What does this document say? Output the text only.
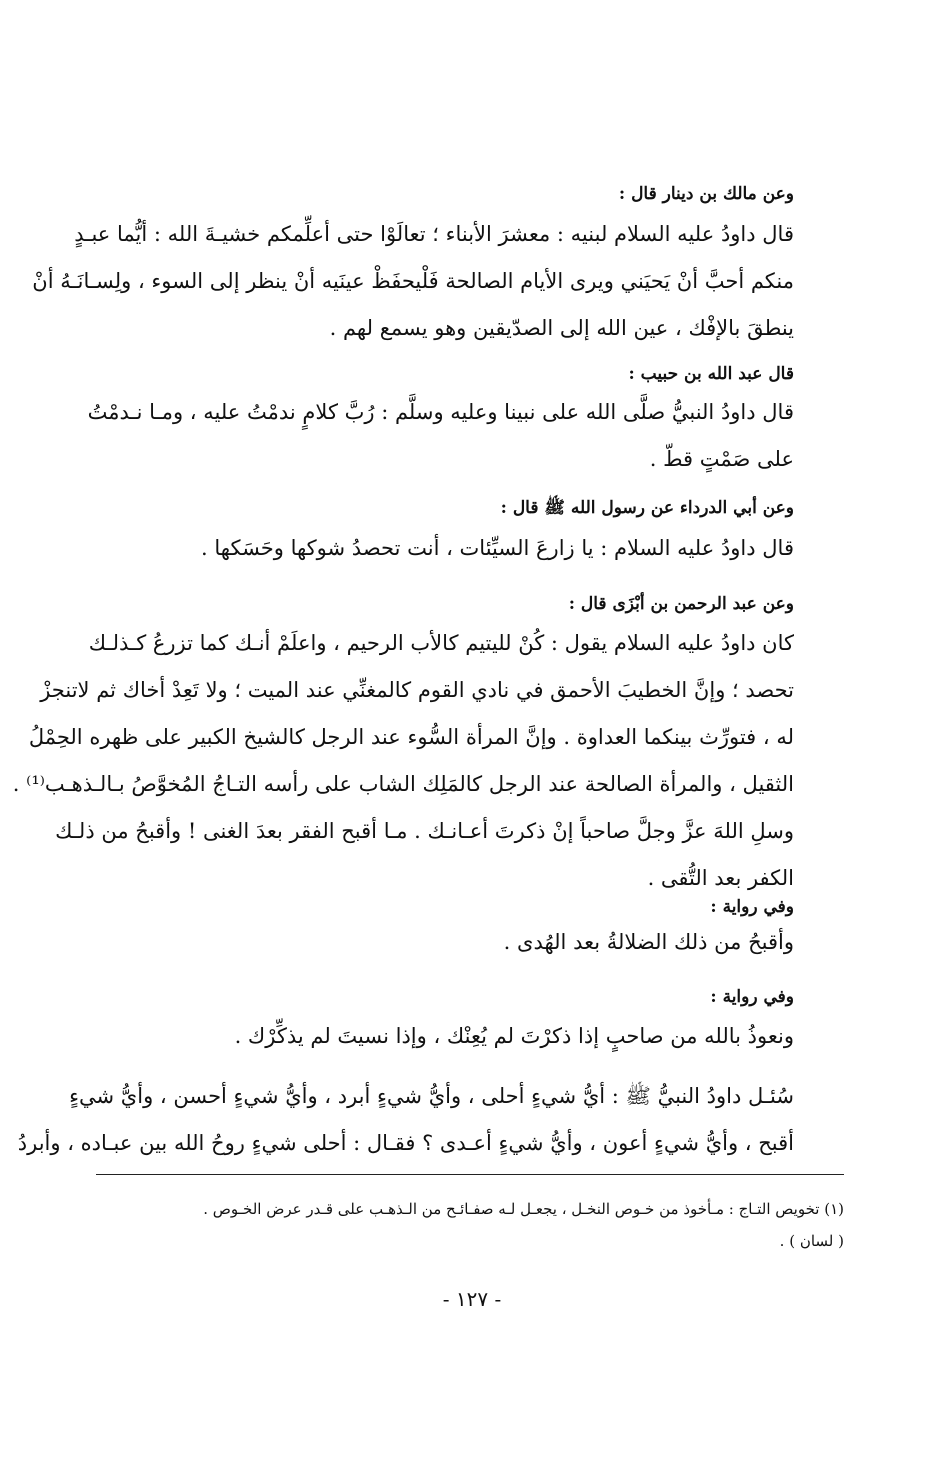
وعن مالك بن دينار قال :
قال داودُ عليه السلام لبنيه : معشرَ الأبناء ؛ تعالَوْا حتى أعلِّمكم خشيـةَ الله : أيُّما عبـدٍ
منكم أحبَّ أنْ يَحيَني ويرى الأيام الصالحة فَلْيحفَظْ عينَيه أنْ ينظر إلى السوء ، ولِسـانَـهُ أنْ
ينطقَ بالإفْك ، عين الله إلى الصدّيقين وهو يسمع لهم .
قال عبد الله بن حبيب :
قال داودُ النبيُّ صلَّى الله على نبينا وعليه وسلَّم : رُبَّ كلامٍ ندمْتُ عليه ، ومـا نـدمْتُ
على صَمْتٍ قطّ .
وعن أبي الدرداء عن رسول الله ﷺ قال :
قال داودُ عليه السلام : يا زارعَ السيِّئات ، أنت تحصدُ شوكها وحَسَكها .
وعن عبد الرحمن بن أبْزَى قال :
كان داودُ عليه السلام يقول : كُنْ لليتيم كالأب الرحيم ، واعلَمْ أنـك كما تزرعُ كـذلـك
تحصد ؛ وإنَّ الخطيبَ الأحمق في نادي القوم كالمغنِّي عند الميت ؛ ولا تَعِدْ أخاك ثم لاتنجزْ
له ، فتورِّث بينكما العداوة . وإنَّ المرأة السُّوء عند الرجل كالشيخ الكبير على ظهره الحِمْلُ
الثقيل ، والمرأة الصالحة عند الرجل كالمَلِك الشاب على رأسه التـاجُ المُخوَّصُ بـالـذهـب⁽¹⁾ .
وسلِ اللهَ عزَّ وجلَّ صاحباً إنْ ذكرتَ أعـانـك . مـا أقبح الفقر بعدَ الغنى ! وأقبحُ من ذلـك
الكفر بعد التُّقى .
وفي رواية :
وأقبحُ من ذلك الضلالةُ بعد الهُدى .
وفي رواية :
ونعوذُ بالله من صاحبٍ إذا ذكرْتَ لم يُعِنْك ، وإذا نسيتَ لم يذكِّرْك .
سُئـل داودُ النبيُّ ﷺ : أيُّ شيءٍ أحلى ، وأيُّ شيءٍ أبرد ، وأيُّ شيءٍ أحسن ، وأيُّ شيءٍ
أقبح ، وأيُّ شيءٍ أعون ، وأيُّ شيءٍ أعـدى ؟ فقـال : أحلى شيءٍ روحُ الله بين عبـاده ، وأبردُ
(١) تخويص التـاج : مـأخوذ من خـوص النخـل ، يجعـل لـه صفـائـح من الـذهـب على قـدر عرض الخـوص .
( لسان ) .
- ١٢٧ -
